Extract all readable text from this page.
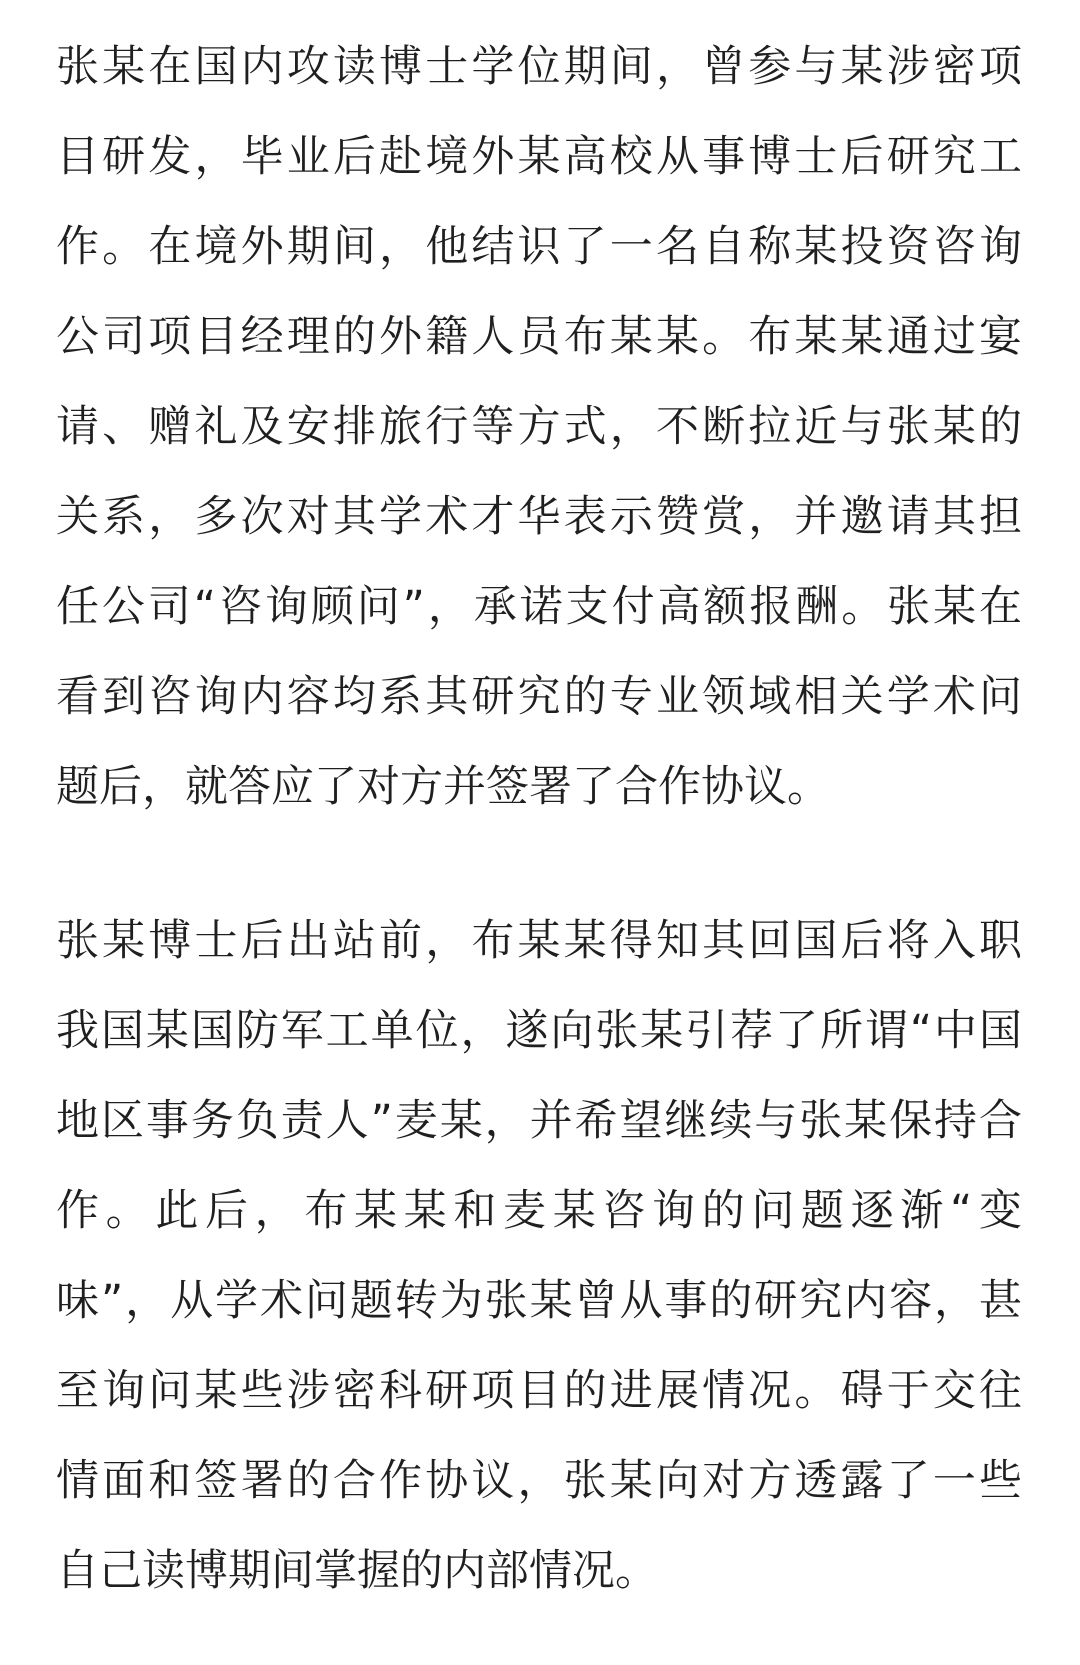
张某在国内攻读博士学位期间，曾参与某涉密项
目研发，毕业后赴境外某高校从事博士后研究工
作。在境外期间，他结识了一名自称某投资咨询
公司项目经理的外籍人员布某某。布某某通过宴
请、赠礼及安排旅行等方式，不断拉近与张某的
关系，多次对其学术才华表示赞赏，并邀请其担
任公司“咨询顾问”，承诺支付高额报酬。张某在
看到咨询内容均系其研究的专业领域相关学术问
题后，就答应了对方并签署了合作协议。
张某博士后出站前，布某某得知其回国后将入职
我国某国防军工单位，遂向张某引荐了所谓“中国
地区事务负责人”麦某，并希望继续与张某保持合
作。此后，布某某和麦某咨询的问题逐渐“变
味”，从学术问题转为张某曾从事的研究内容，甚
至询问某些涉密科研项目的进展情况。碍于交往
情面和签署的合作协议，张某向对方透露了一些
自己读博期间掌握的内部情况。
